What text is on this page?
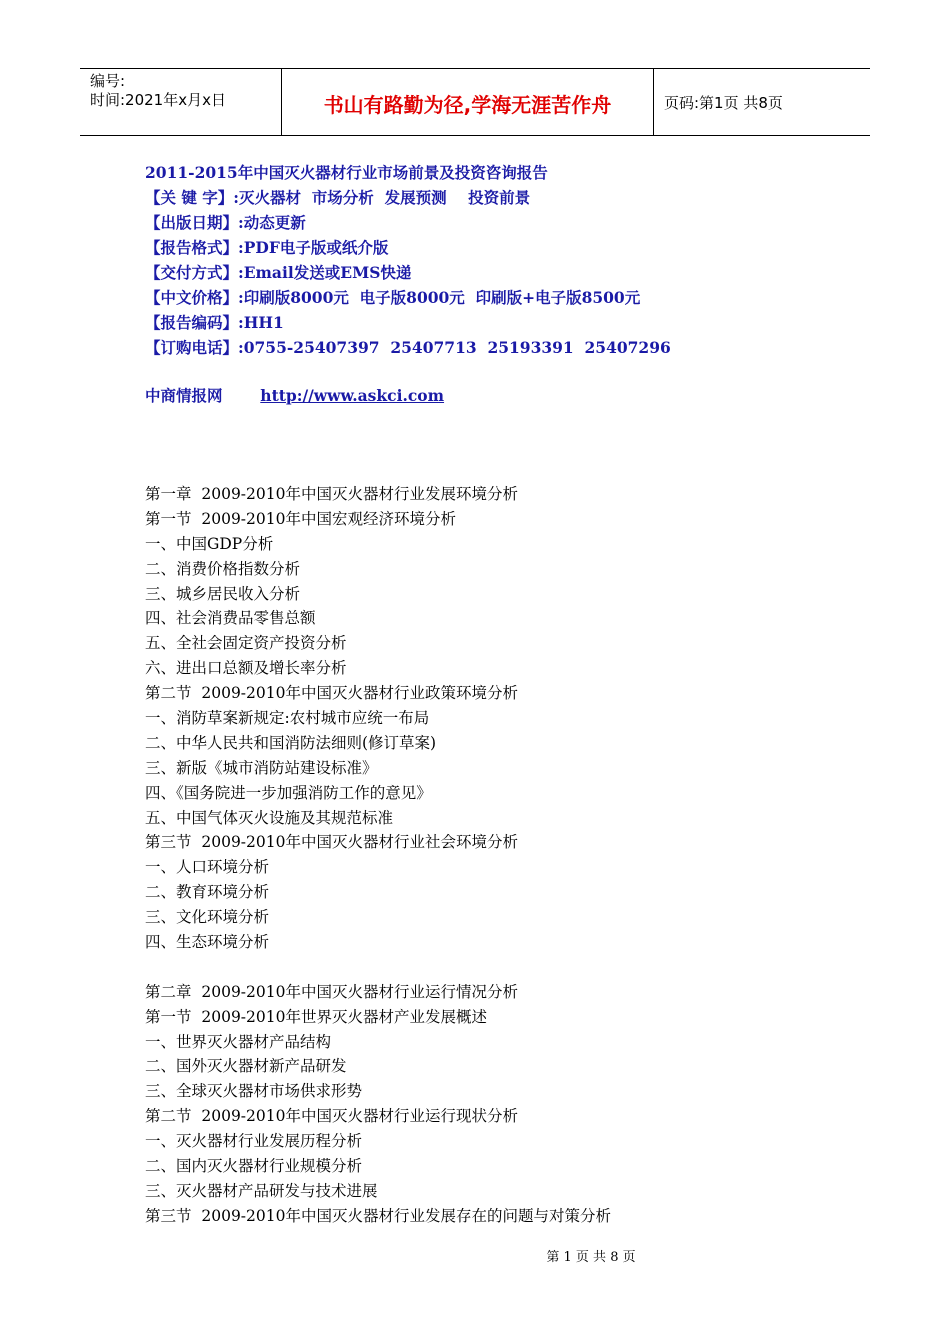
编号:
时间:2021年x月x日	书山有路勤为径,学海无涯苦作舟	页码:第1页 共8页
2011-2015年中国灭火器材行业市场前景及投资咨询报告
【关 键 字】:灭火器材  市场分析  发展预测    投资前景
【出版日期】:动态更新
【报告格式】:PDF电子版或纸介版
【交付方式】:Email发送或EMS快递
【中文价格】:印刷版8000元  电子版8000元  印刷版+电子版8500元
【报告编码】:HH1
【订购电话】:0755-25407397  25407713  25193391  25407296
中商情报网 http://www.askci.com
第一章  2009-2010年中国灭火器材行业发展环境分析
第一节  2009-2010年中国宏观经济环境分析
一、中国GDP分析
二、消费价格指数分析
三、城乡居民收入分析
四、社会消费品零售总额
五、全社会固定资产投资分析
六、进出口总额及增长率分析
第二节  2009-2010年中国灭火器材行业政策环境分析
一、消防草案新规定:农村城市应统一布局
二、中华人民共和国消防法细则(修订草案)
三、新版《城市消防站建设标准》
四、《国务院进一步加强消防工作的意见》
五、中国气体灭火设施及其规范标准
第三节  2009-2010年中国灭火器材行业社会环境分析
一、人口环境分析
二、教育环境分析
三、文化环境分析
四、生态环境分析
第二章  2009-2010年中国灭火器材行业运行情况分析
第一节  2009-2010年世界灭火器材产业发展概述
一、世界灭火器材产品结构
二、国外灭火器材新产品研发
三、全球灭火器材市场供求形势
第二节  2009-2010年中国灭火器材行业运行现状分析
一、灭火器材行业发展历程分析
二、国内灭火器材行业规模分析
三、灭火器材产品研发与技术进展
第三节  2009-2010年中国灭火器材行业发展存在的问题与对策分析
第 1 页 共 8 页
